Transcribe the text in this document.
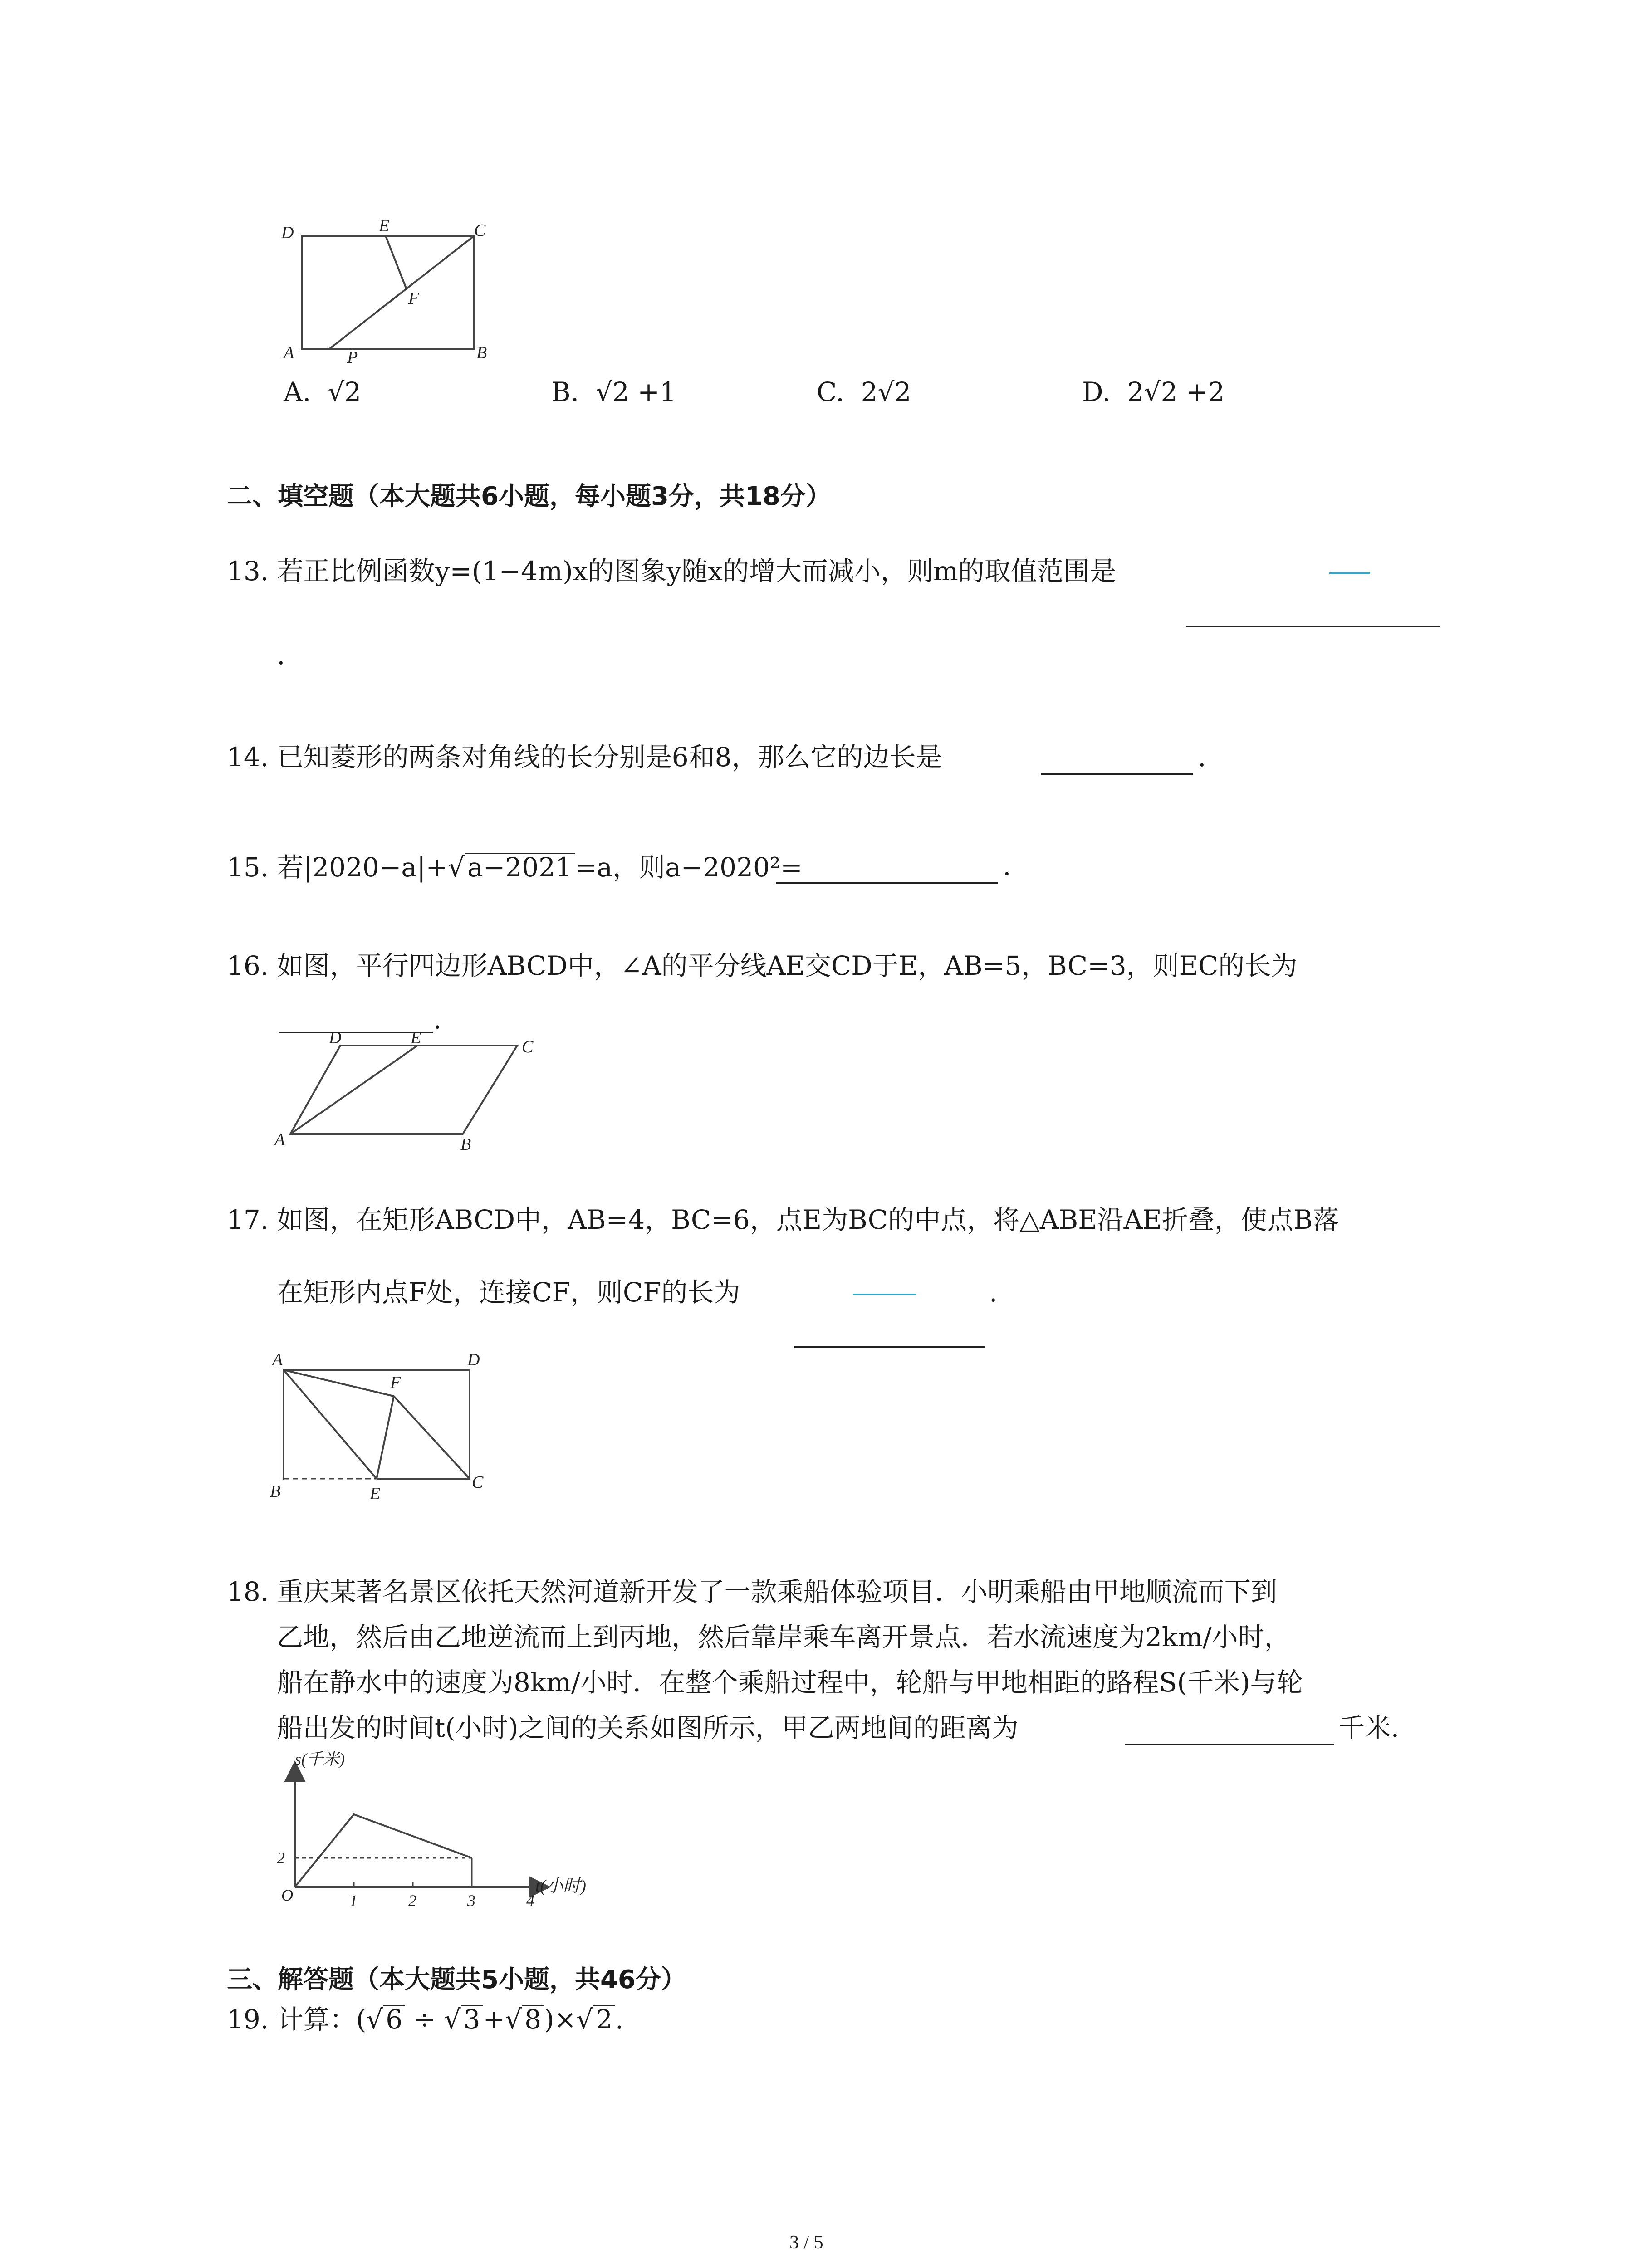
D	E	C
F
A	P	B
A. √2	B. √2 +1	C. 2√2	D. 2√2 +2
二、填空题（本大题共6小题，每小题3分，共18分）
13. 若正比例函数y=(1−4m)x的图象y随x的增大而减小，则m的取值范围是
.
14. 已知菱形的两条对角线的长分别是6和8，那么它的边长是	.
15. 若|2020−a|+√ a−2021 =a，则a−2020²=	.
16. 如图，平行四边形ABCD中，∠A的平分线AE交CD于E，AB=5，BC=3，则EC的长为
.
D	E	C
A	B
17. 如图，在矩形ABCD中，AB=4，BC=6，点E为BC的中点，将△ABE沿AE折叠，使点B落
在矩形内点F处，连接CF，则CF的长为	.
A	D
F
B	E
C
18. 重庆某著名景区依托天然河道新开发了一款乘船体验项目．小明乘船由甲地顺流而下到
乙地，然后由乙地逆流而上到丙地，然后靠岸乘车离开景点．若水流速度为2km/小时，
船在静水中的速度为8km/小时．在整个乘船过程中，轮船与甲地相距的路程S(千米)与轮
船出发的时间t(小时)之间的关系如图所示，甲乙两地间的距离为	千米．
s(千米)
t(小时)
O	1	2	3	4
2
三、解答题（本大题共5小题，共46分）
19. 计算：(√ 6 ÷ √ 3 +√ 8 )×√ 2 .
3 / 5
